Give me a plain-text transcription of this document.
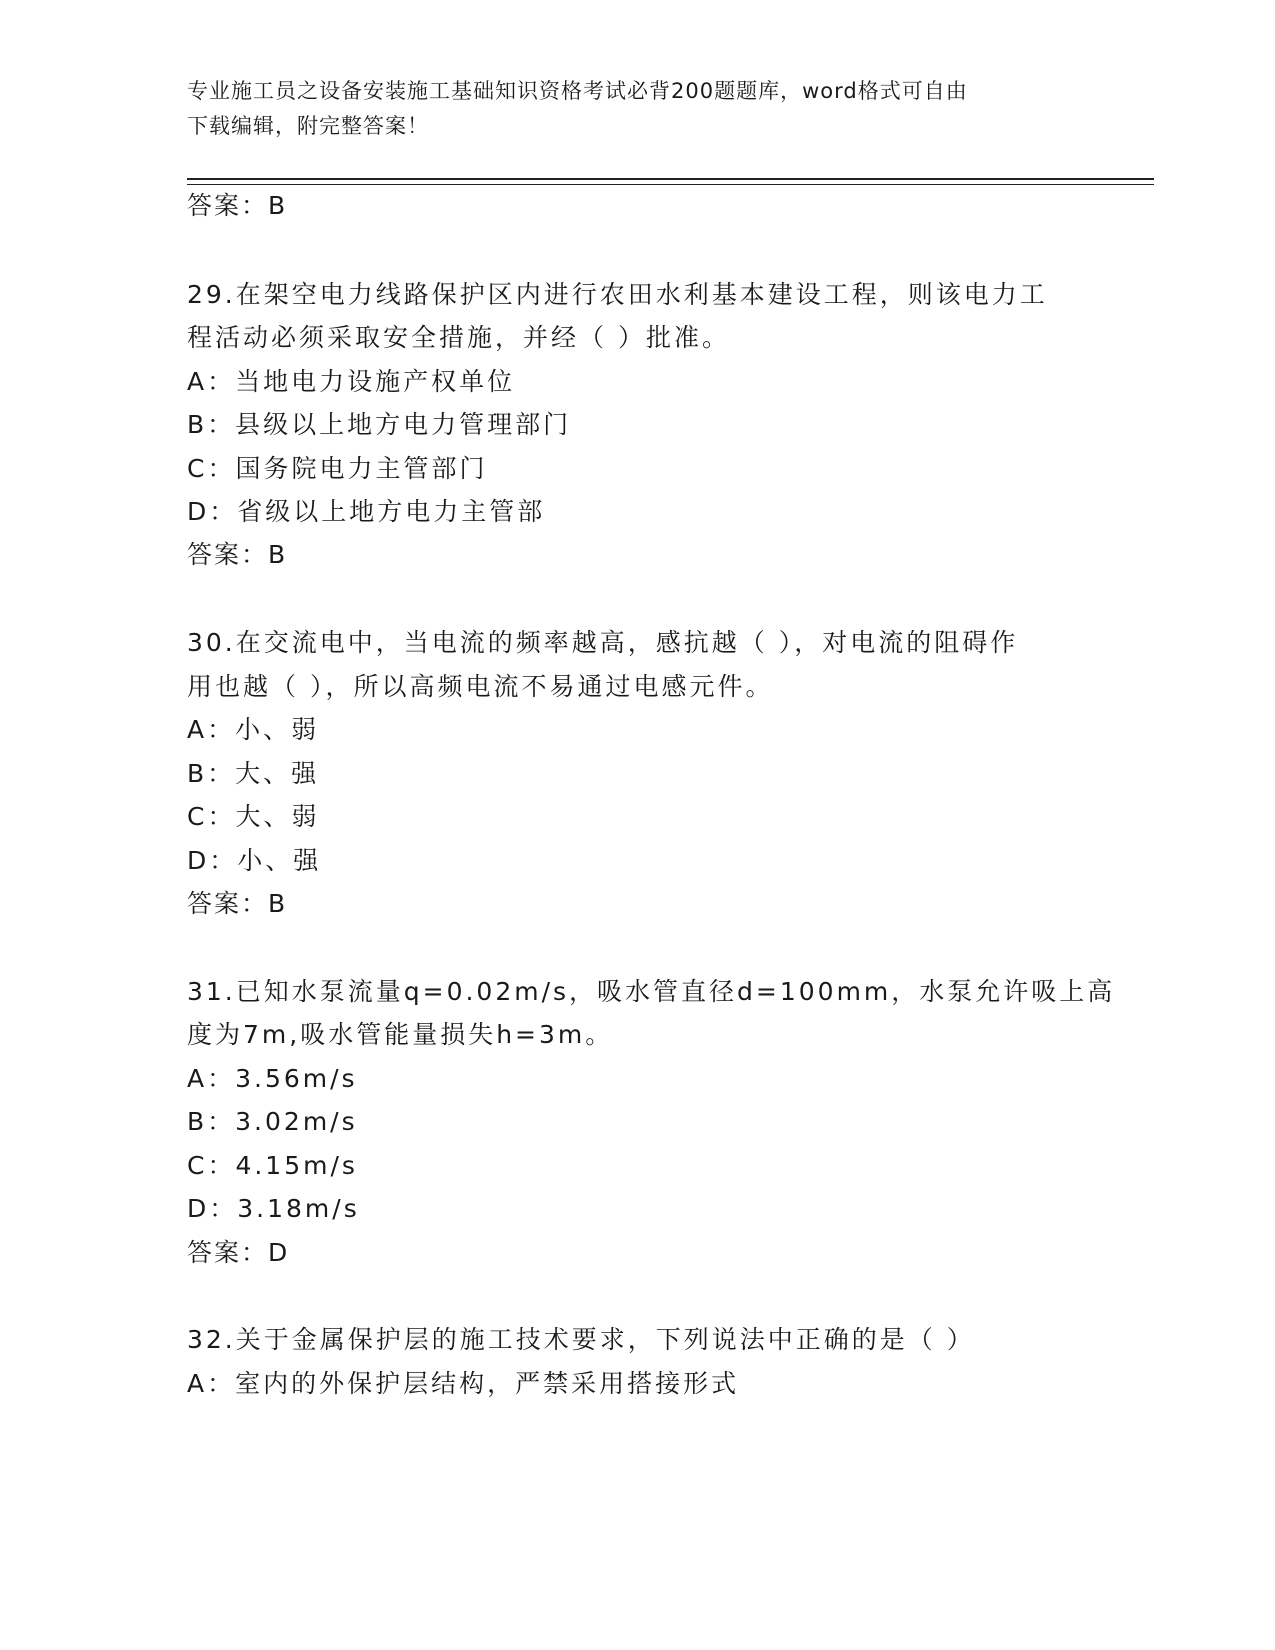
专业施工员之设备安装施工基础知识资格考试必背200题题库，word格式可自由
下载编辑，附完整答案！
答案：B
29.在架空电力线路保护区内进行农田水利基本建设工程，则该电力工
程活动必须采取安全措施，并经（ ）批准。
A：当地电力设施产权单位
B：县级以上地方电力管理部门
C：国务院电力主管部门
D：省级以上地方电力主管部
答案：B
30.在交流电中，当电流的频率越高，感抗越（ ），对电流的阻碍作
用也越（ ），所以高频电流不易通过电感元件。
A：小、弱
B：大、强
C：大、弱
D：小、强
答案：B
31.已知水泵流量q=0.02m/s，吸水管直径d=100mm，水泵允许吸上高
度为7m,吸水管能量损失h=3m。
A：3.56m/s
B：3.02m/s
C：4.15m/s
D：3.18m/s
答案：D
32.关于金属保护层的施工技术要求，下列说法中正确的是（ ）
A：室内的外保护层结构，严禁采用搭接形式
